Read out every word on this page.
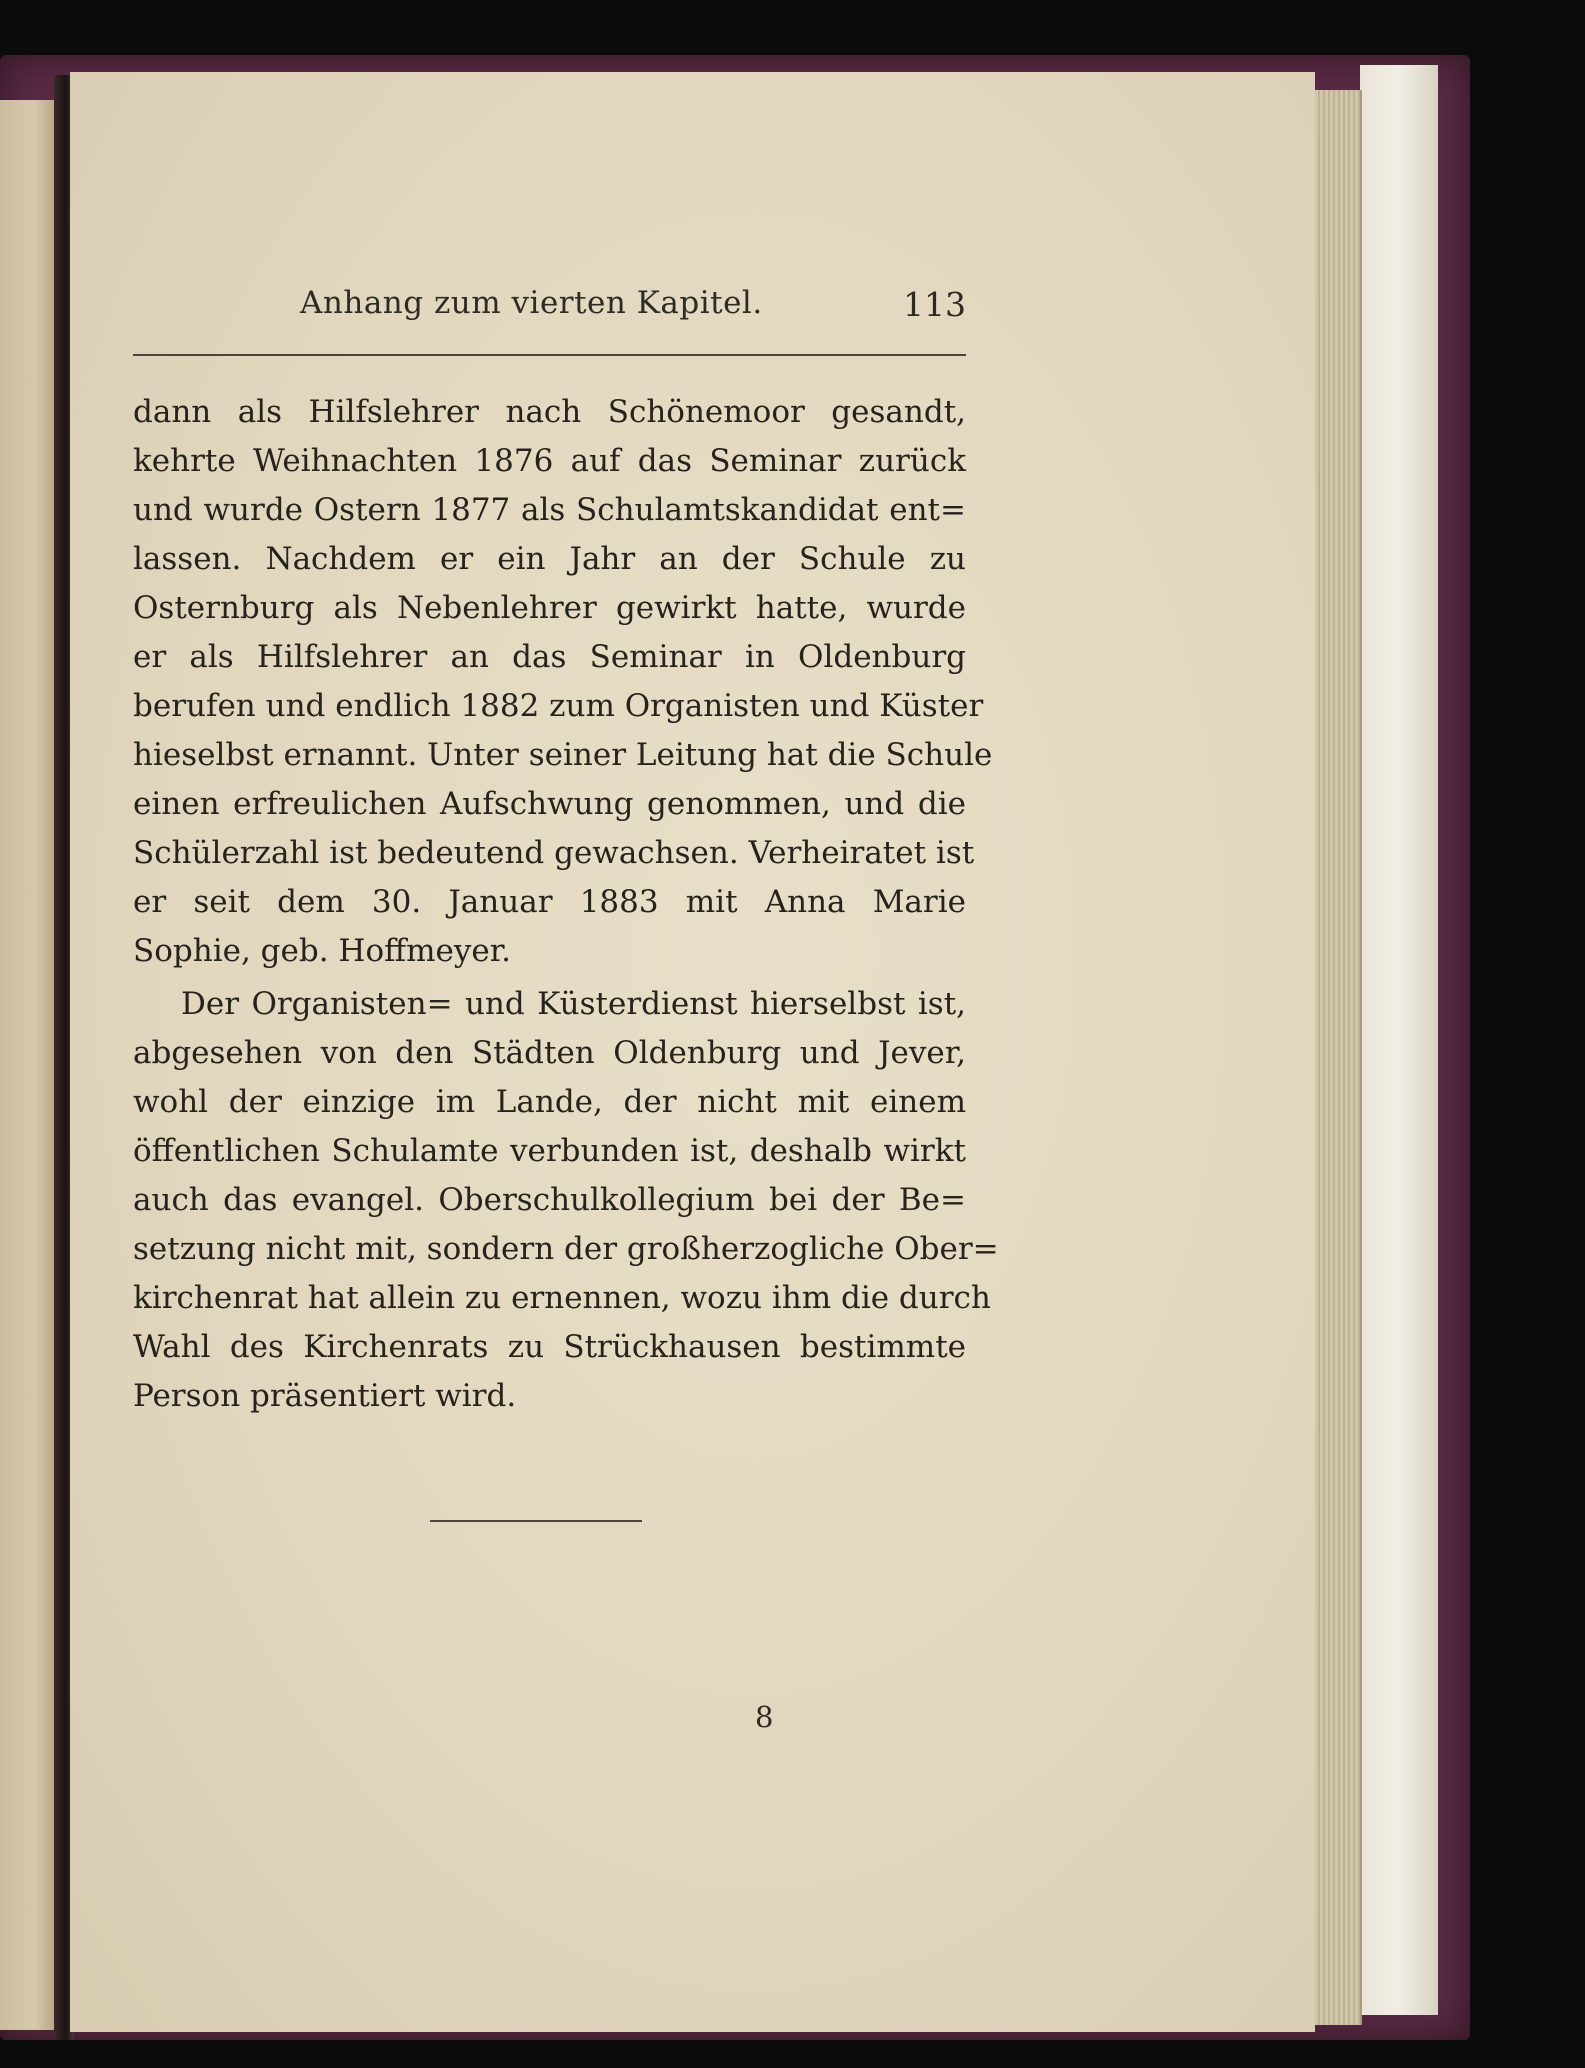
Anhang zum vierten Kapitel.	113
dann als Hilfslehrer nach Schönemoor gesandt,
kehrte Weihnachten 1876 auf das Seminar zurück
und wurde Ostern 1877 als Schulamtskandidat ent=
lassen. Nachdem er ein Jahr an der Schule zu
Osternburg als Nebenlehrer gewirkt hatte, wurde
er als Hilfslehrer an das Seminar in Oldenburg
berufen und endlich 1882 zum Organisten und Küster
hieselbst ernannt. Unter seiner Leitung hat die Schule
einen erfreulichen Aufschwung genommen, und die
Schülerzahl ist bedeutend gewachsen. Verheiratet ist
er seit dem 30. Januar 1883 mit Anna Marie
Sophie, geb. Hoffmeyer.
Der Organisten= und Küsterdienst hierselbst ist,
abgesehen von den Städten Oldenburg und Jever,
wohl der einzige im Lande, der nicht mit einem
öffentlichen Schulamte verbunden ist, deshalb wirkt
auch das evangel. Oberschulkollegium bei der Be=
setzung nicht mit, sondern der großherzogliche Ober=
kirchenrat hat allein zu ernennen, wozu ihm die durch
Wahl des Kirchenrats zu Strückhausen bestimmte
Person präsentiert wird.
8
